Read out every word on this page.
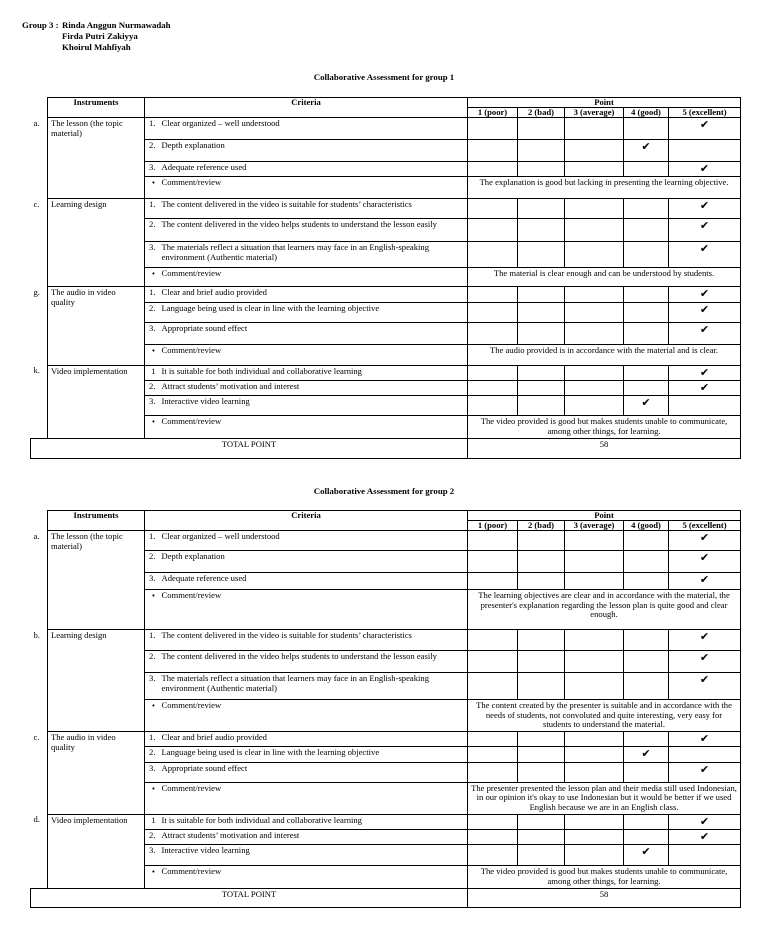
Group 3 : Rinda Anggun Nurmawadah
Firda Putri Zakiyya
Khoirul Mahfiyah
Collaborative Assessment for group 1
	Instruments	Criteria		Point				
				1 (poor)	2 (bad)	3 (average)	4 (good)	5 (excellent)
a.	The lesson (the topic material)	1.	Clear organized – well understood					✔
		2.	Depth explanation				✔	
		3.	Adequate reference used					✔
		•	Comment/review	The explanation is good but lacking in presenting the learning objective.				
c.	Learning design	1.	The content delivered in the video is suitable for students’ characteristics					✔
		2.	The content delivered in the video helps students to understand the lesson easily					✔
		3.	The materials reflect a situation that learners may face in an English-speaking environment (Authentic material)					✔
		•	Comment/review	The material is clear enough and can be understood by students.				
g.	The audio in video quality	1.	Clear and brief audio provided					✔
		2.	Language being used is clear in line with the learning objective					✔
		3.	Appropriate sound effect					✔
		•	Comment/review	The audio provided is in accordance with the material and is clear.				
k.	Video implementation	1	It is suitable for both individual and collaborative learning					✔
		2.	Attract students’ motivation and interest					✔
		3.	Interactive video learning				✔	
		•	Comment/review	The video provided is good but makes students unable to communicate, among other things, for learning.				
TOTAL POINT				58				
Collaborative Assessment for group 2
	Instruments	Criteria		Point				
				1 (poor)	2 (bad)	3 (average)	4 (good)	5 (excellent)
a.	The lesson (the topic material)	1.	Clear organized – well understood					✔
		2.	Depth explanation					✔
		3.	Adequate reference used					✔
		•	Comment/review	The learning objectives are clear and in accordance with the material, the presenter's explanation regarding the lesson plan is quite good and clear enough.				
b.	Learning design	1.	The content delivered in the video is suitable for students’ characteristics					✔
		2.	The content delivered in the video helps students to understand the lesson easily					✔
		3.	The materials reflect a situation that learners may face in an English-speaking environment (Authentic material)					✔
		•	Comment/review	The content created by the presenter is suitable and in accordance with the needs of students, not convoluted and quite interesting, very easy for students to understand the material.				
c.	The audio in video quality	1.	Clear and brief audio provided					✔
		2.	Language being used is clear in line with the learning objective				✔	
		3.	Appropriate sound effect					✔
		•	Comment/review	The presenter presented the lesson plan and their media still used Indonesian, in our opinion it's okay to use Indonesian but it would be better if we used English because we are in an English class.				
d.	Video implementation	1	It is suitable for both individual and collaborative learning					✔
		2.	Attract students’ motivation and interest					✔
		3.	Interactive video learning				✔	
		•	Comment/review	The video provided is good but makes students unable to communicate, among other things, for learning.				
TOTAL POINT				58				
